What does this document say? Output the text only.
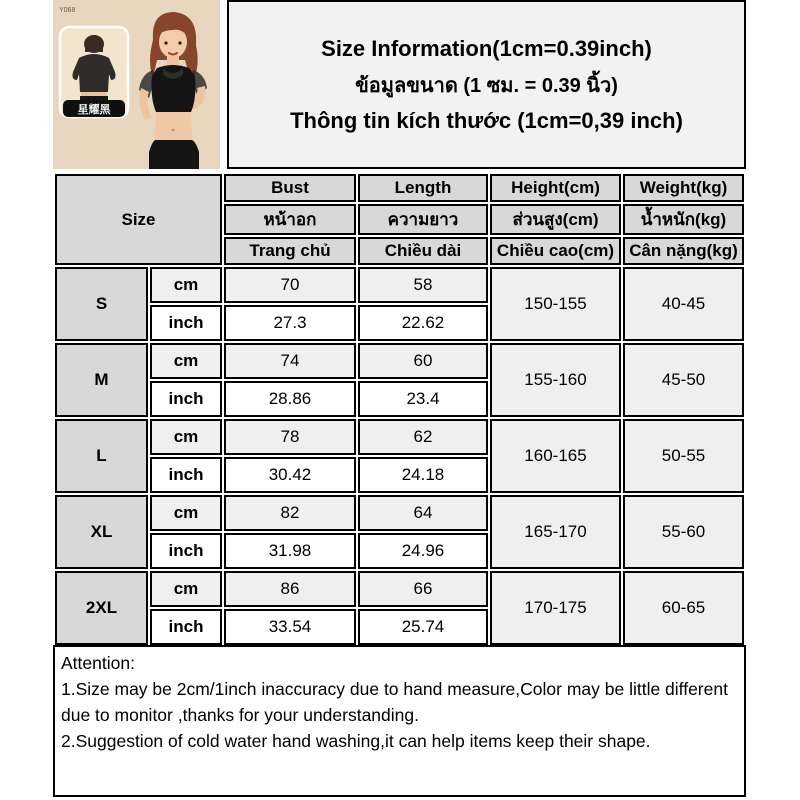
Y068
星耀黑
Size Information(1cm=0.39inch)
ข้อมูลขนาด (1 ซม. = 0.39 นิ้ว)
Thông tin kích thước (1cm=0,39 inch)
Size		Bust	Length	Height(cm)	Weight(kg)
		หน้าอก	ความยาว	ส่วนสูง(cm)	น้ำหนัก(kg)
		Trang chủ	Chiều dài	Chiều cao(cm)	Cân nặng(kg)
S	cm	70	58	150-155	40-45
	inch	27.3	22.62		
M	cm	74	60	155-160	45-50
	inch	28.86	23.4		
L	cm	78	62	160-165	50-55
	inch	30.42	24.18		
XL	cm	82	64	165-170	55-60
	inch	31.98	24.96		
2XL	cm	86	66	170-175	60-65
	inch	33.54	25.74		
Attention:
1.Size may be 2cm/1inch inaccuracy due to hand measure,Color may be little different due to monitor ,thanks for your understanding.
2.Suggestion of cold water hand washing,it can help items keep their shape.
